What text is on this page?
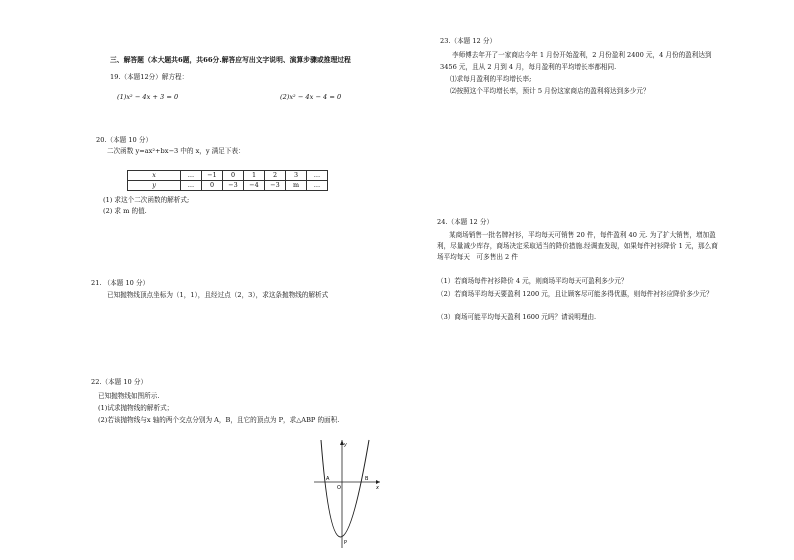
三、解答题（本大题共6题，共66分.解答应写出文字说明、演算步骤或推理过程
19.（本题12分）解方程：
(1)x² − 4x + 3 = 0	(2)x² − 4x − 4 = 0
20.（本题 10 分）
二次函数 y=ax²+bx−3 中的 x，y 满足下表：
x	…	−1	0	1	2	3	…
y	…	0	−3	−4	−3	m	…
(1) 求这个二次函数的解析式;
(2) 求 m 的值.
21. （本题 10 分）
已知抛物线顶点坐标为（1，1），且经过点（2，3），求这条抛物线的解析式
22.（本题 10 分）
已知抛物线如图所示.
(1)试求抛物线的解析式；
(2)若该抛物线与x 轴的两个交点分别为 A，B，且它的顶点为 P，求△ABP 的面积.
A	B
P
y
x
O
23.（本题 12 分）
李师傅去年开了一家商店今年 1 月份开始盈利，2 月份盈利 2400 元，4 月份的盈利达到 3456 元，且从 2 月到 4 月，每月盈利的平均增长率都相同.
⑴求每月盈利的平均增长率;
⑵按照这个平均增长率，预计 5 月份这家商店的盈利将达到多少元？
24.（本题 12 分）
某商场销售一批名牌衬衫，平均每天可销售 20 件，每件盈利 40 元. 为了扩大销售，增加盈利，尽量减少库存，商场决定采取适当的降价措施.经调查发现，如果每件衬衫降价 1 元，那么商场平均每天　可多售出 2 件
（1）若商场每件衬衫降价 4 元，则商场平均每天可盈利多少元？
（2）若商场平均每天要盈利 1200 元，且让顾客尽可能多得优惠，则每件衬衫应降价多少元？
（3）商场可能平均每天盈利 1600 元吗？请说明理由.
